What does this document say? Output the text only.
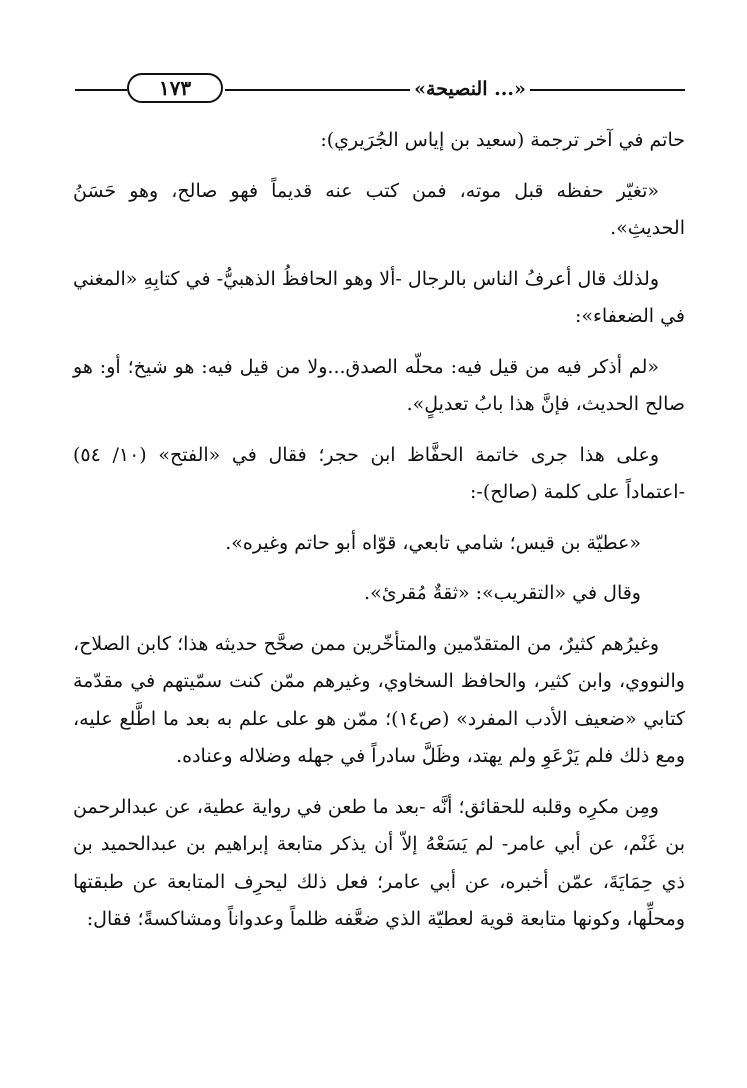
١٧٣	«النصيحة ...»

حاتم في آخر ترجمة (سعيد بن إياس الجُرَيري):

«تغيّر حفظه قبل موته، فمن كتب عنه قديماً فهو صالح، وهو حَسَنُ الحديثِ».

ولذلك قال أعرفُ الناس بالرجال -ألا وهو الحافظُ الذهبيُّ- في كتابِهِ «المغني في الضعفاء»:

«لم أذكر فيه من قيل فيه: محلّه الصدق...ولا من قيل فيه: هو شيخ؛ أو: هو صالح الحديث، فإنَّ هذا بابُ تعديلٍ».

وعلى هذا جرى خاتمة الحفَّاظ ابن حجر؛ فقال في «الفتح» (١٠/ ٥٤) -اعتماداً على كلمة (صالح)-:

«عطيّة بن قيس؛ شامي تابعي، قوّاه أبو حاتم وغيره».

وقال في «التقريب»: «ثقةٌ مُقرئ».

وغيرُهم كثيرٌ، من المتقدّمين والمتأخّرين ممن صحَّح حديثه هذا؛ كابن الصلاح، والنووي، وابن كثير، والحافظ السخاوي، وغيرهم ممّن كنت سمّيتهم في مقدّمة كتابي «ضعيف الأدب المفرد» (ص١٤)؛ ممّن هو على علم به بعد ما اطَّلع عليه، ومع ذلك فلم يَرْعَوِ ولم يهتد، وظَلَّ سادراً في جهله وضلاله وعناده.

ومِن مكرِه وقلبه للحقائق؛ أنَّه -بعد ما طعن في رواية عطية، عن عبدالرحمن بن غَنْم، عن أبي عامر- لم يَسَعْهُ إلاّ أن يذكر متابعة إبراهيم بن عبدالحميد بن ذي حِمَايَةَ، عمّن أخبره، عن أبي عامر؛ فعل ذلك ليحرِف المتابعة عن طبقتها ومحلِّها، وكونها متابعة قوية لعطيّة الذي ضعَّفه ظلماً وعدواناً ومشاكسةً؛ فقال:
